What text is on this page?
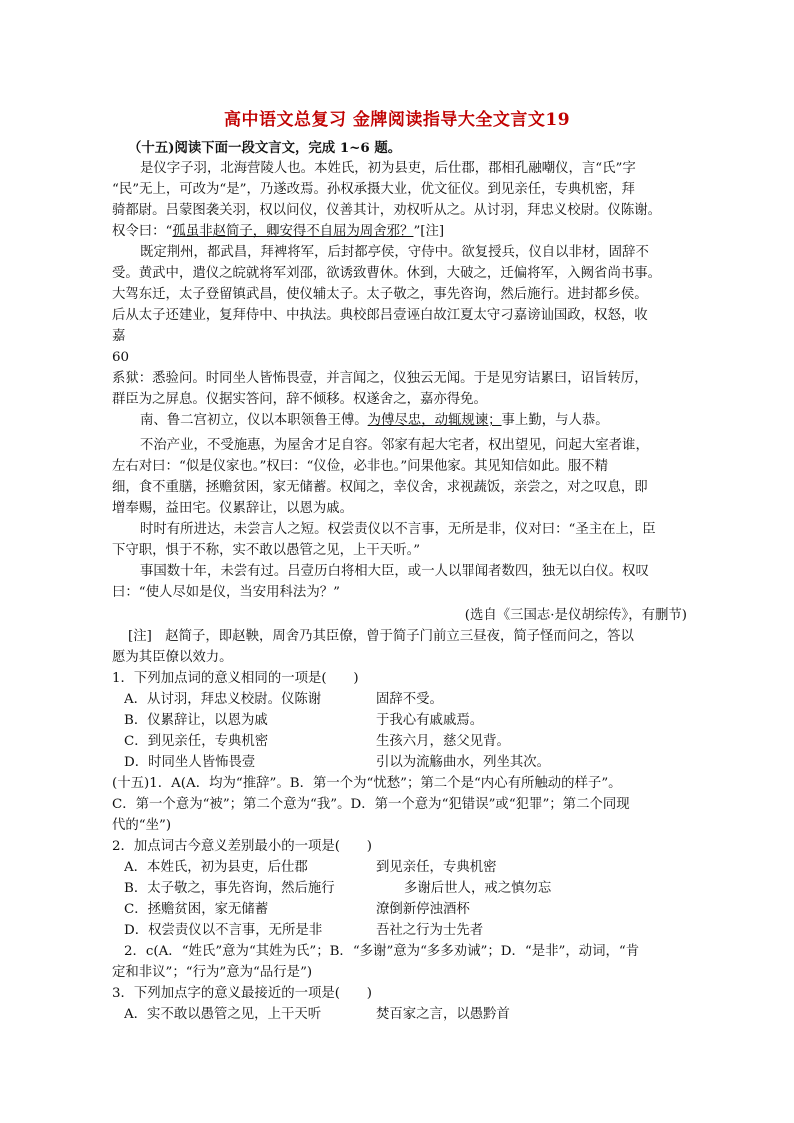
高中语文总复习 金牌阅读指导大全文言文19
（十五)阅读下面一段文言文，完成 1~6 题。
是仪字子羽，北海营陵人也。本姓氏，初为县吏，后仕郡，郡相孔融嘲仪，言“氏”字
“民”无上，可改为“是”，乃遂改焉。孙权承摄大业，优文征仪。到见亲任，专典机密，拜
骑都尉。吕蒙图袭关羽，权以问仪，仪善其计，劝权听从之。从讨羽，拜忠义校尉。仪陈谢。
权令曰：“孤虽非赵简子，卿安得不自屈为周舍邪？”[注]
既定荆州，都武昌，拜裨将军，后封都亭侯，守侍中。欲复授兵，仪自以非材，固辞不
受。黄武中，遣仪之皖就将军刘邵，欲诱致曹休。休到，大破之，迁偏将军，入阙省尚书事。
大驾东迁，太子登留镇武昌，使仪辅太子。太子敬之，事先咨询，然后施行。进封都乡侯。
后从太子还建业，复拜侍中、中执法。典校郎吕壹诬白故江夏太守刁嘉谤讪国政，权怒，收
嘉
60
系狱：悉验问。时同坐人皆怖畏壹，并言闻之，仪独云无闻。于是见穷诘累曰，诏旨转厉，
群臣为之屏息。仪据实答问，辞不倾移。权遂舍之，嘉亦得免。
南、鲁二宫初立，仪以本职领鲁王傅。为傅尽忠，动辄规谏；事上勤，与人恭。
不治产业，不受施惠，为屋舍才足自容。邻家有起大宅者，权出望见，问起大室者谁，
左右对曰：“似是仪家也。”权曰：“仪俭，必非也。”问果他家。其见知信如此。服不精
细，食不重膳，拯赡贫困，家无储蓄。权闻之，幸仪舍，求视蔬饭，亲尝之，对之叹息，即
增奉赐，益田宅。仪累辞让，以恩为戚。
时时有所进达，未尝言人之短。权尝责仪以不言事，无所是非，仪对曰：“圣主在上，臣
下守职，惧于不称，实不敢以愚管之见，上干天听。”
事国数十年，未尝有过。吕壹历白将相大臣，或一人以罪闻者数四，独无以白仪。权叹
曰：“使人尽如是仪，当安用科法为？”
(选自《三国志·是仪胡综传》，有删节)
[注]　赵简子，即赵鞅，周舍乃其臣僚，曾于简子门前立三昼夜，简子怪而问之，答以
愿为其臣僚以效力。
1．下列加点词的意义相同的一项是(　　)
A．从讨羽，拜忠义校尉。仪陈谢	固辞不受。
B．仪累辞让，以恩为戚	于我心有戚戚焉。
C．到见亲任，专典机密	生孩六月，慈父见背。
D．时同坐人皆怖畏壹	引以为流觞曲水，列坐其次。
(十五)1．A(A．均为“推辞”。B．第一个为“忧愁”；第二个是“内心有所触动的样子”。
C．第一个意为“被”；第二个意为“我”。D．第一个意为“犯错误”或“犯罪”；第二个同现
代的“坐”)
2．加点词古今意义差别最小的一项是(　　)
A．本姓氏，初为县吏，后仕郡	到见亲任，专典机密
B．太子敬之，事先咨询，然后施行	多谢后世人，戒之慎勿忘
C．拯赡贫困，家无储蓄	潦倒新停浊酒杯
D．权尝责仪以不言事，无所是非	吾社之行为士先者
2．c(A．“姓氏”意为“其姓为氏”；B．“多谢”意为“多多劝诫”；D．“是非”，动词，“肯
定和非议”；“行为”意为“品行是”)
3．下列加点字的意义最接近的一项是(　　)
A．实不敢以愚管之见，上干天听	焚百家之言，以愚黔首
